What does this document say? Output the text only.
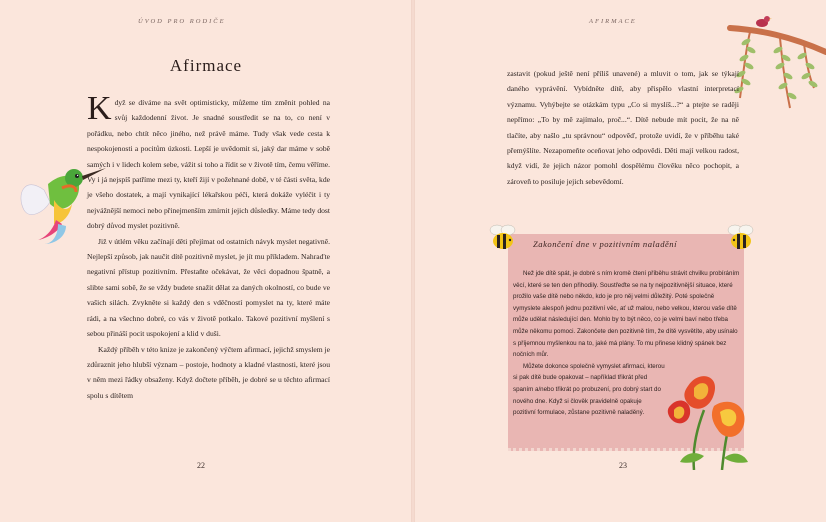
ÚVOD PRO RODIČE
Afirmace

Když se díváme na svět optimisticky, můžeme tím změnit pohled na svůj každodenní život. Je snadné soustředit se na to, co není v pořádku, nebo chtít něco jiného, než právě máme. Tudy však vede cesta k nespokojenosti a pocitům úzkosti. Lepší je uvědomit si, jaký dar máme v sobě samých i v lidech kolem sebe, vážit si toho a řídit se v životě tím, čemu věříme. Vy i já nejspíš patříme mezi ty, kteří žijí v požehnané době, v té části světa, kde je všeho dostatek, a mají vynikající lékařskou péči, která dokáže vyléčit i ty nejvážnější nemoci nebo přinejmenším zmírnit jejich důsledky. Máme tedy dost dobrý důvod myslet pozitivně.

Již v útlém věku začínají děti přejímat od ostatních návyk myslet negativně. Nejlepší způsob, jak naučit dítě pozitivně myslet, je jít mu příkladem. Nahraďte negativní přístup pozitivním. Přestaňte očekávat, že věci dopadnou špatně, a slibte sami sobě, že se vždy budete snažit dělat za daných okolností, co bude ve vašich silách. Zvykněte si každý den s vděčností pomyslet na ty, které máte rádi, a na všechno dobré, co vás v životě potkalo. Takové pozitivní myšlení s sebou přináší pocit uspokojení a klid v duši.

Každý příběh v této knize je zakončený výčtem afirmací, jejichž smyslem je zdůraznit jeho hlubší význam – postoje, hodnoty a kladné vlastnosti, které jsou v něm mezi řádky obsaženy. Když dočtete příběh, je dobré se u těchto afirmací spolu s dítětem

22
AFIRMACE

zastavit (pokud ještě není příliš unavené) a mluvit o tom, jak se týkají daného vyprávění. Vybídněte dítě, aby přispělo vlastní interpretací významu. Vyhýbejte se otázkám typu „Co si myslíš...?“ a ptejte se raději nepřímo: „To by mě zajímalo, proč...“. Dítě nebude mít pocit, že na ně tlačíte, aby našlo „tu správnou“ odpověď, protože uvidí, že v příběhu také přemýšlíte. Nezapomeňte oceňovat jeho odpovědi. Děti mají velkou radost, když vidí, že jejich názor pomohl dospělému člověku něco pochopit, a zároveň to posiluje jejich sebevědomí.

Zakončení dne v pozitivním naladění

Než jde dítě spát, je dobré s ním kromě čtení příběhu strávit chvilku probíráním věcí, které se ten den přihodily. Soustřeďte se na ty nejpozitivnější situace, které prožilo vaše dítě nebo někdo, kdo je pro něj velmi důležitý. Poté společně vymyslete alespoň jednu pozitivní věc, ať už malou, nebo velkou, kterou vaše dítě může udělat následující den. Mohlo by to být něco, co je velmi baví nebo třeba může někomu pomoci. Zakončete den pozitivně tím, že dítě vysvětíte, aby usínalo s příjemnou myšlenkou na to, jaké má plány. To mu přinese klidný spánek bez nočních můr.

Můžete dokonce společně vymyslet afirmaci, kterou si pak dítě bude opakovat – například třikrát před spaním a/nebo třikrát po probuzení, pro dobrý start do nového dne. Když si člověk pravidelně opakuje pozitivní formulace, zůstane pozitivně naladěný.

23
